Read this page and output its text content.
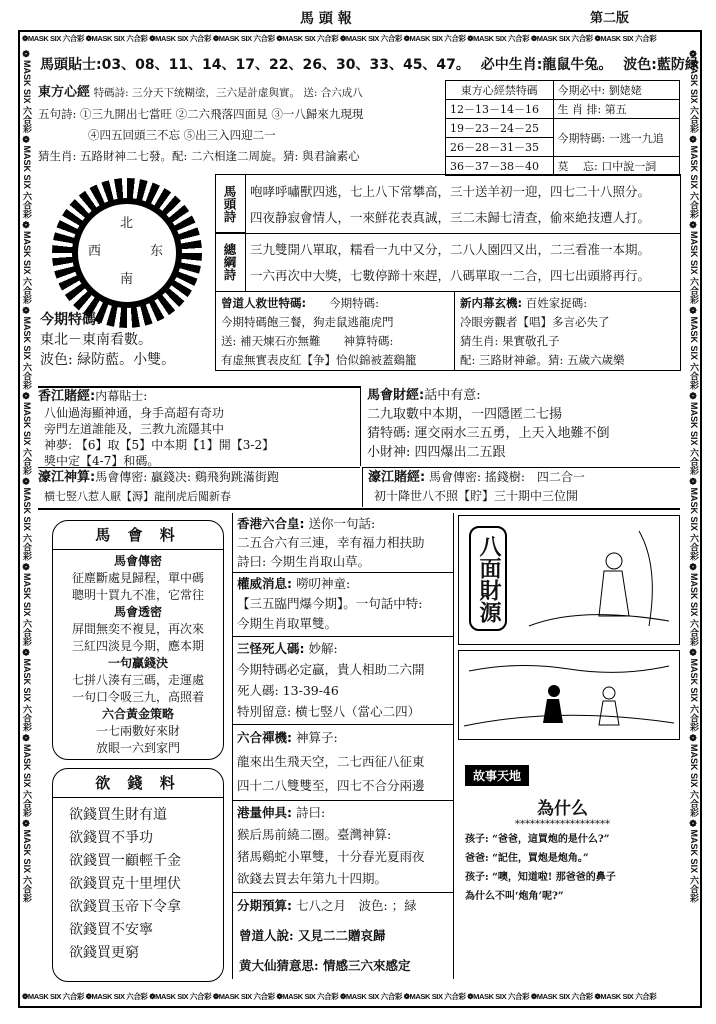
馬 頭 報	第二版
❁MASK SIX 六合彩 ❁MASK SIX 六合彩 ❁MASK SIX 六合彩 ❁MASK SIX 六合彩 ❁MASK SIX 六合彩 ❁MASK SIX 六合彩 ❁MASK SIX 六合彩 ❁MASK SIX 六合彩 ❁MASK SIX 六合彩 ❁MASK SIX 六合彩
❁MASK SIX 六合彩 ❁MASK SIX 六合彩 ❁MASK SIX 六合彩 ❁MASK SIX 六合彩 ❁MASK SIX 六合彩 ❁MASK SIX 六合彩 ❁MASK SIX 六合彩 ❁MASK SIX 六合彩 ❁MASK SIX 六合彩 ❁MASK SIX 六合彩	❁MASK SIX 六合彩 ❁MASK SIX 六合彩 ❁MASK SIX 六合彩 ❁MASK SIX 六合彩 ❁MASK SIX 六合彩 ❁MASK SIX 六合彩 ❁MASK SIX 六合彩 ❁MASK SIX 六合彩 ❁MASK SIX 六合彩 ❁MASK SIX 六合彩
❁MASK SIX 六合彩 ❁MASK SIX 六合彩 ❁MASK SIX 六合彩 ❁MASK SIX 六合彩 ❁MASK SIX 六合彩 ❁MASK SIX 六合彩 ❁MASK SIX 六合彩 ❁MASK SIX 六合彩 ❁MASK SIX 六合彩 ❁MASK SIX 六合彩
馬頭貼士:03、08、11、14、17、22、26、30、33、45、47。 必中生肖:龍鼠牛兔。 波色:藍防緑
東方心經 特碼詩: 三分天下统糊塗，三六是計虚與實。 送: 合六成八
五句詩: ①三九開出七當旺 ②二六飛落四面見 ③一八歸來九現現
④四五回頭三不忘 ⑤出三入四迎二一
猜生肖: 五路財神二七發。配: 二六相逢二周旋。猜: 與君論素心
東方心經禁特碼	今期必中: 劉姥姥
12－13－14－16	生 肖 排: 第五
19－23－24－25	今期特碼: 一逃一九追
26－28－31－35	
36－37－38－40	莫　 忘: 口中說一詞
北
西	东
南
今期特碼:
東北－東南看數。
波色: 緑防藍。小雙。
馬頭詩	咆哮呼嘯獸四逃，七上八下常攀高，三十送羊初一迎，四七二十八照分。
四夜静寂會情人，一來鮮花表真誠，三二未歸七清查，偷來絶技遭人打。
總綱詩	三九雙開八單取，糯看一九中又分，二八人園四又出，二三看准一本期。
一六再次中大獎，七數停蹄十來趕，八碼單取一二合，四七出頭將再行。
曾道人救世特碼:　　 今期特碼:
今期特碼飽三餐，狗走鼠逃龍虎門
送: 補天煉石亦無難　　神算特碼:
有虚無實表皮紅【争】恰似錦被蓋鷄籠
新内幕玄機: 百姓家捉碼:
冷眼旁觀者【唱】多言必失了
猜生肖: 果實敬孔子
配: 三路財神爺。猜: 五歲六歲樂
香江賭經:内幕貼士:
八仙過海顯神通，身手高超有奇功
旁門左道誰能及，三教九流隱其中
神夢: 【6】取【5】中本期【1】開【3-2】
獎中定【4-7】和碼。
馬會財經:話中有意:
二九取數中本期，一四隱匿二七揚
猜特碼: 運交兩水三五勇，上天入地難不倒
小財神: 四四爆出二五跟
濠江神算:馬會傳密: 贏錢决: 鷄飛狗跳滿街跑
横七竪八惹人厭【溽】龍削虎后闖新春
濠江賭經: 馬會傳密: 搖錢樹:　四二合一
初十降世八不照【貯】三十期中三位開
馬 會 料
馬會傳密
征塵斷處見歸程，單中碼
聰明十買九不准，它常往
馬會透密
屏間無奕不複見，再次來
三紅四淡見今期，應本期
一句贏錢決
七拼八湊有三碼，走運處
一句口令吸三九，高照着
六合黃金策略
一七兩數好來財
放眼一六到家門
欲 錢 料
欲錢買生財有道
欲錢買不爭功
欲錢買一顧輕千金
欲錢買克十里埋伏
欲錢買玉帝下令拿
欲錢買不安寧
欲錢買更窮
香港六合皇: 送你一句話:
二五合六有三連，幸有福力相扶助
詩曰: 今期生肖取山草。
權威消息: 嘮叨神童:
【三五臨門爆今期】。一句話中特:
今期生肖取單雙。
三怪死人碼: 妙解:
今期特碼必定贏，貴人相助二六開
死人碼: 13-39-46
特別留意: 横七竪八（當心二四）
六合禪機: 神算子:
龍來出生飛天空，二七西征八征東
四十二八雙雙至，四七不合分兩邊
港量伸具: 詩曰:
猴后馬前繞二圈。臺灣神算:
猪馬鷄蛇小單雙，十分春光夏雨夜
欲錢去買去年第九十四期。
分期預算: 七八之月　波色: ；緑
曾道人說: 又見二二贈哀歸
黄大仙猜意思: 情感三六來感定
八面財源
故事天地
為什么
*******************
孩子: “爸爸，這買炮的是什么?”
爸爸: “記住，買炮是炮角。”
孩子: “噢，知道啦! 那爸爸的鼻子
為什么不叫‘炮角’呢?”
